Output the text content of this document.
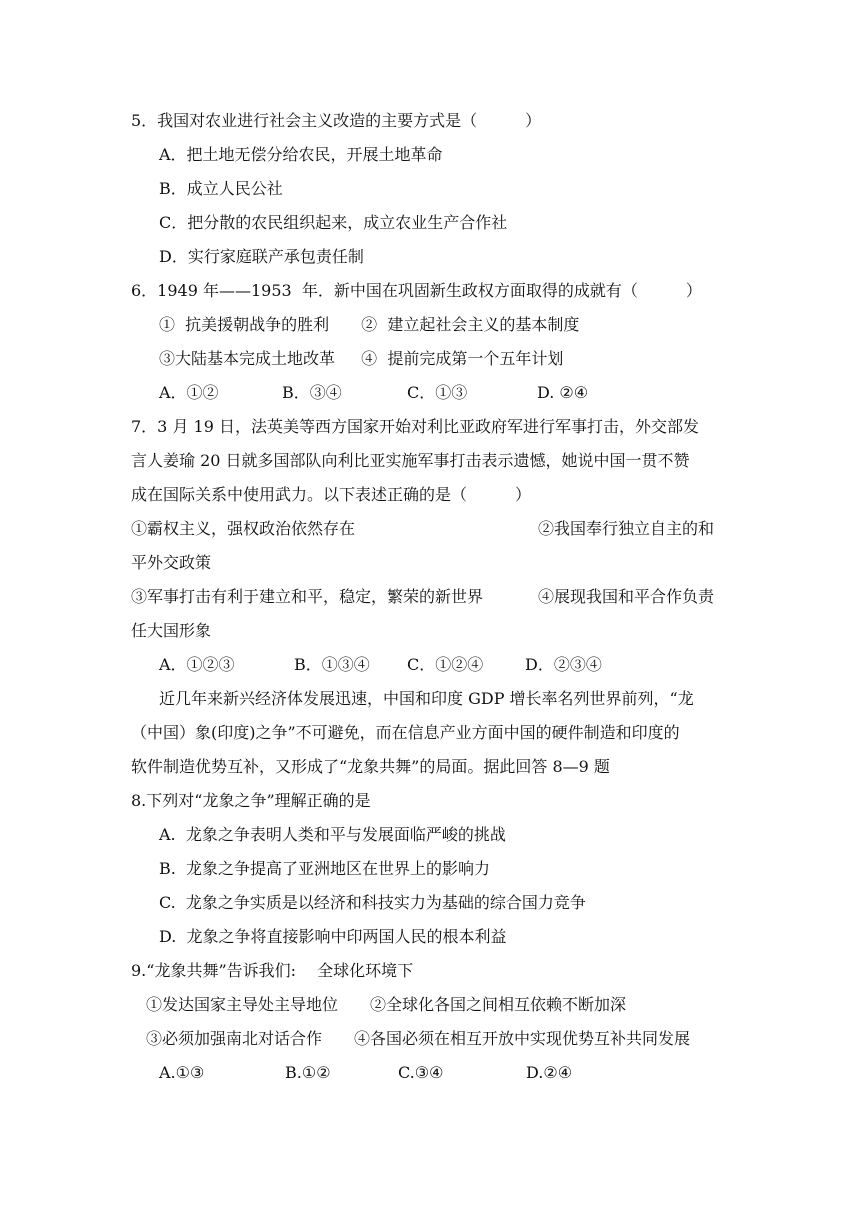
5．我国对农业进行社会主义改造的主要方式是（　　　）
A．把土地无偿分给农民，开展土地革命
B．成立人民公社
C．把分散的农民组织起来，成立农业生产合作社
D．实行家庭联产承包责任制
6．1949 年——1953  年．新中国在巩固新生政权方面取得的成就有（　　　）
①  抗美援朝战争的胜利　　②  建立起社会主义的基本制度
③大陆基本完成土地改革　  ④  提前完成第一个五年计划

A．①②

	B．③④

	C．①③

	D. ②④

7．3 月 19 日，法英美等西方国家开始对利比亚政府军进行军事打击，外交部发
言人姜瑜 20 日就多国部队向利比亚实施军事打击表示遗憾，她说中国一贯不赞
成在国际关系中使用武力。以下表述正确的是（　　　）
①霸权主义，强权政治依然存在	②我国奉行独立自主的和
平外交政策
③军事打击有利于建立和平，稳定，繁荣的新世界	④展现我国和平合作负责
任大国形象

A．①②③

	B．①③④

C．①②④

	D．②③④

近几年来新兴经济体发展迅速，中国和印度 GDP 增长率名列世界前列，“龙
（中国）象(印度)之争”不可避免，而在信息产业方面中国的硬件制造和印度的
软件制造优势互补，又形成了“龙象共舞”的局面。据此回答 8—9 题
8.下列对“龙象之争”理解正确的是
A.  龙象之争表明人类和平与发展面临严峻的挑战
B.  龙象之争提高了亚洲地区在世界上的影响力
C.  龙象之争实质是以经济和科技实力为基础的综合国力竞争
D.  龙象之争将直接影响中印两国人民的根本利益
9.“龙象共舞”告诉我们:　 全球化环境下
①发达国家主导处主导地位　　②全球化各国之间相互依赖不断加深
③必须加强南北对话合作　　④各国必须在相互开放中实现优势互补共同发展

A.①③

	B.①②

	C.③④

	D.②④
